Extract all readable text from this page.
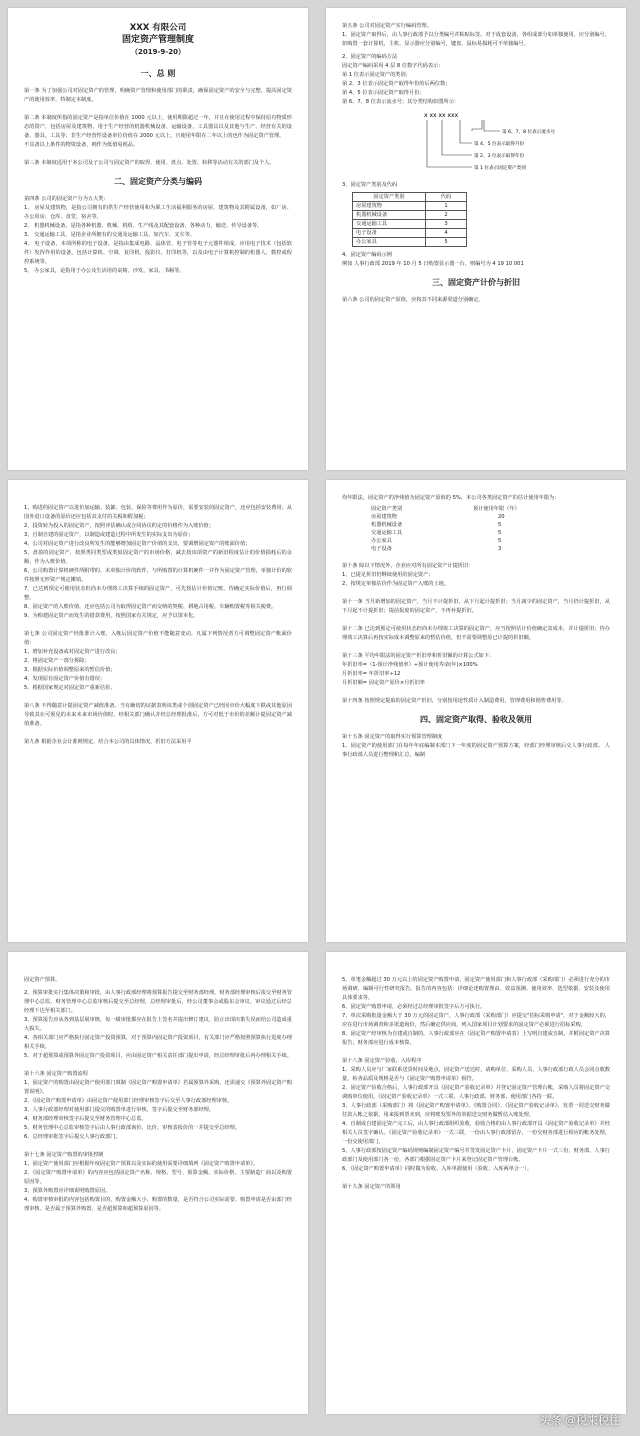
XXX 有限公司
固定资产管理制度
（2019-9-20）
一、总 则

第一条 为了加强公司对固定资产的管理，明确资产管理和使用部门的职责，确保固定资产的安全与完整，提高固定资产的使用效率，特制定本制度。

第二条 本制度所指的固定资产是指单位价值在 1000 元以上、使用期限超过一年，并且在使用过程中保持原有物质形态的资产，包括房屋及建筑物、用于生产经营的机器机械设备、运输设备，工具器具以及其他与生产、经营有关的设备、器具、工具等；非生产经营性设备单位价值在 2000 元以上，且使用年限在二年以上的也作为固定资产管理。

不具备以上条件的物资设备，则作为低值易耗品。

第三条 本制度适用于本公司及子公司与固定资产的取得、使用、盘点、处置、转移等活动有关的部门及个人。

二、固定资产分类与编码

第四条 公司的固定资产分为五大类：

1、 房屋及建筑物，是指公司拥有的供生产经营使用和为职工生活福利服务的房屋、建筑物及其附属设备，如厂房、办公用房、仓库、食堂、宿舍等。

2、 机器机械设备，是指各种机器、机械、机组、生产线及其配套设备，各种动力、输送、传导设备等。

3、 交通运输工具，是指企业所拥有的交通及运输工具，如汽车、叉车等。

4、 电子设备，本项所称的电子设备，是指由集成电路、晶体管、电子管等电子元器件组成，应用电子技术（包括软件）发挥作用的设备，包括计算机、空调、复印机、投影仪、打印机等，以及由电子计算机控制的机器人、数控或程控系统等。

5、 办公家具，是指用于办公及生活用的桌椅、沙发、家具、书橱等。

第五条 公司对固定资产实行编码管理。

1、固定资产取得后，由人事行政部予以分类编号并粘贴标签。对于成套设备，各组成部分如单独使用，应分别编号，如购置一套计算机，主机、显示器应分别编号，键盘、鼠标易损耗可不单独编号。

2、固定资产的编码方法

固定资产编码采用 4 层 8 位数字代码表示：

第 1 位表示固定资产的类别；

第 2、3 位表示固定资产取得年份的后两位数；

第 4、5 位表示固定资产取得月份；

第 6、7、8 位表示流水号；其分类结构如图所示：

x xx xx xxx
第 6、7、8 位表示流水号
第 4、5 位表示取得月份
第 2、3 位表示取得年份
第 1 位表示固定资产类别

3、固定资产类别及代码

固定资产类别	代码
房屋建筑物	1
机器机械设备	2
交通运输工具	3
电子设备	4
办公家具	5

4、固定资产编码示例

例如 人事行政部 2019 年 10 月 5 日购置显示器一台，则编号为 4 19 10 001

三、固定资产计价与折旧

第六条 公司的固定资产原值，应按其不同来源渠道分别确定。

1、购进的固定资产以进价加运输、装卸、包装、保险等费用作为原价，需要安装的固定资产，还应包括安装费用；从国外进口设备的原价还应包括其支付的关税和附加税；

2、投资转为投入的固定资产，按照评估确认或合同协议约定的价格作为入账价值；

3、自制自建的固定资产，以制造或建造过程中所发生的实际支出为原价；

4、公司对固定资产进行改良所发生的能够增加固定资产价值的支出，要调增固定资产的账面价值；

5、盘盈的固定资产，按照类同类型或类似固定资产的市场价格，减去按该项资产的新旧程度估计的价值损耗后的余额，作为入账价值。

6、公司购置计算机硬件所附带的、未单独计价的软件，与所购置的计算机硬件一并作为固定资产管理，单独计价的软件按照无形资产规定摊销。

7、已达到预定可使用状态但尚未办理竣工决算手续的固定资产，可先按估计价值记账，待确定实际价值后，再行调整。

8、固定资产的入账价值，还应包括公司为取得固定资产而交纳的契税、耕地占用税、车辆购置税等相关税费。

9、为购建固定资产而发生的借款费用，按照国家有关规定，应予以资本化。

第七条 公司固定资产经批准计入账，入帐后固定资产价值不能随意变动。凡属下列情况者方可调整固定资产帐面价值：

1、增加补充设备或对固定资产进行改良；

2、将固定资产一部分拆除；

3、根据实际价值调整原来的暂估价值；

4、发现原有固定资产价值有错误；

5、根据国家规定对固定资产重新估价。

第八条 不得随意计提固定资产减值准备。当有确切的证据表明该类或个别固定资产已经因市价大幅度下跌或其他原因导致其在可预见的未来未来市场价值时，经相关部门确认并经总经理批准后，方可对低于市价的差额计提固定资产减值准备。

第九条 根据企业会计准则规定，结合本公司的具体情况，折旧方法采用平

均年限法。固定资产的净残值为固定资产原值的 5%，本公司各类固定资产的估计使用年限为：

固定资产类别	预计使用年限（年）
房屋建筑物	20
机器机械设备	5
交通运输工具	5
办公家具	5
电子设备	3

第十条 除以下情况外，企业应对所有固定资产计提折旧：

1、已提足折旧仍继续使用的固定资产；

2、按规定单独估价作为固定资产入账的土地。

第十一条 当月新增加的固定资产，当月不计提折旧，从下月起计提折旧；当月减少的固定资产，当月仍计提折旧，从下月起不计提折旧；提前报废的固定资产，不再补提折旧。

第十二条 已达到预定可使用状态但尚未办理竣工决算的固定资产，应当按照估计价值确定其成本，并计提折旧；待办理竣工决算后再按实际成本调整原来的暂估价值，但不需要调整原已计提的折旧额。

第十三条 平均年限法的固定资产折旧率和折旧额的计算公式如下：

年折旧率=（1-预计净残值率）÷预计使用寿命(年)×100%

月折旧率= 年折旧率÷12

月折旧额= 固定资产原价×月折旧率

第十四条 按照规定提取的固定资产折旧，分别按用途性质计入制造费用、管理费用和销售费用等。

四、固定资产取得、验收及领用

第十五条 固定资产的取得实行预算管理制度

1、固定资产的使用部门在每年年底编制本部门下一年度的固定资产预算方案，经部门经理审核后交人事行政部。 人事行政部人员进行整理和汇总，编制

固定资产预算。

2、预算审批实行集体决策和审批，由人事行政部经理将预算报告提交至财务部经理，财务部经理审核后报交至财务管理中心总监，财务管理中心总监审核后提交至总经理，总经理审批后，经公司董事会或股东会审议，审议通过后经总经理下达至相关部门。

3、预算报告应从各到基层展审核，每一级审批都应在报告上签名并提出修订建议，防止出现决策失误而给公司造成重大损失。

4、各相关部门应严格执行固定资产投资预算，对于预算内固定资产投资项目，有关部门应严格按照预算执行进度办理相关手续。

5、对于超预算或预算外固定资产投资项目，应由固定资产相关责任部门提出申请，经总经理审批后再办理相关手续。

第十六条 固定资产购置流程

1、固定资产的购置由固定资产使用部门填制《固定资产购置申请单》若属预算外采购，还需递交《预算外固定资产购置说明》。

2、《固定资产购置申请单》由固定资产使用部门经理审核签字后交至人事行政部经理审核。

3、人事行政部经理对使用部门提交的购置单进行审核，签字后提交至财务部经理。

4、财务部经理审核签字后提交至财务管理中心总监。

5、财务管理中心总监审核签字后由人事行政部询价、比价，审核表报价的一并提交至总经理。

6、总经理审批签字后提交人事行政部门。

第十七条 固定资产购置的审批控制

1、固定资产使用部门应根据年度固定资产预算以及实际的使用需要详细填列《固定资产购置申请单》。

2、《固定资产购置申请单》的内容应包括固定资产名称、规格、型号、预算金额、实际价格、主要制造厂商以及购置原因等。

3、预算外购置应详细说明购置原因。

4、购置审核审批的内容包括购置目的、购置金额大小、购置的数量，是否符合公司实际需要、购置申请是否由部门经理审核、是否属于预算外购置、是否超预算和超预算原因等。

5、单笔金额超过 30 万元以上的固定资产购置申请，固定资产使用部门和人事行政部（采购部门）必须进行充分的市场调研，编制可行性研究报告。报告的内容包括：详细论述购置理由、效益预测、使用效率、选型依据、安装及使用具体要求等。

6、固定资产购置申请，必须经过总经理审批签字后方可执行。

7、单次采购批量金额大于 30 万元的固定资产，人事行政部（采购部门）应提交"招标采购申请"，对于金额较大的，应在进行市场调查和多渠道询价，然后确定供应商，列入国家项目计划要求的固定资产必须进行招标采购。

8、固定资产经审核为自建或自制的，人事行政部应在《固定资产购置申请表》上写明自建或自制，并附固定资产决算报告，财务部应进行成本核算。

第十八条 固定资产验收、入库程序

1、采购人员应与厂家联系送货时间及地点，固定资产送达时，请购单位、采购人员、人事行政部行政人员会同点收数量，检查品质及规格是否与《固定资产购置申请单》相符。

2、固定资产验收合格后，人事行政部开具《固定资产验收记录单》并登记固定资产管理台帐，采购人员将固定资产交调购单位使用。《固定资产验收记录单》一式三联，人事行政部、财务部、使用部门各持一联。

3、人事行政部（采购部门）将《固定资产购置申请单》、《购置合同》、《固定资产验收记录单》、发票一同送交财务做付款入帐之依据。用来报到票未到，应将账发票外的单据送交财务做暂估入账处理。

4、自制或自建固定资产完工后，由人事行政部组织验收，验收合格的由人事行政部开具《固定资产验收记录单》并经相关人员签字确认。《固定资产验收记录单》一式三联，一份由人事行政部留存，一份交财务部进行相应的帐务处理，一份交使用部门。

5、人事行政部按固定资产编码规则编制固定资产编号并签发固定资产卡片，固定资产卡片一式三份，财务部、人事行政部门及使用部门各一份，各部门根据固定资产卡片来登记固定资产管理台帐。

6、《固定资产购置申请单》同时做为验收、入库单据使用（验收、入库两单合一）。

第十九条 固定资产的领用

头条 @税来税往
